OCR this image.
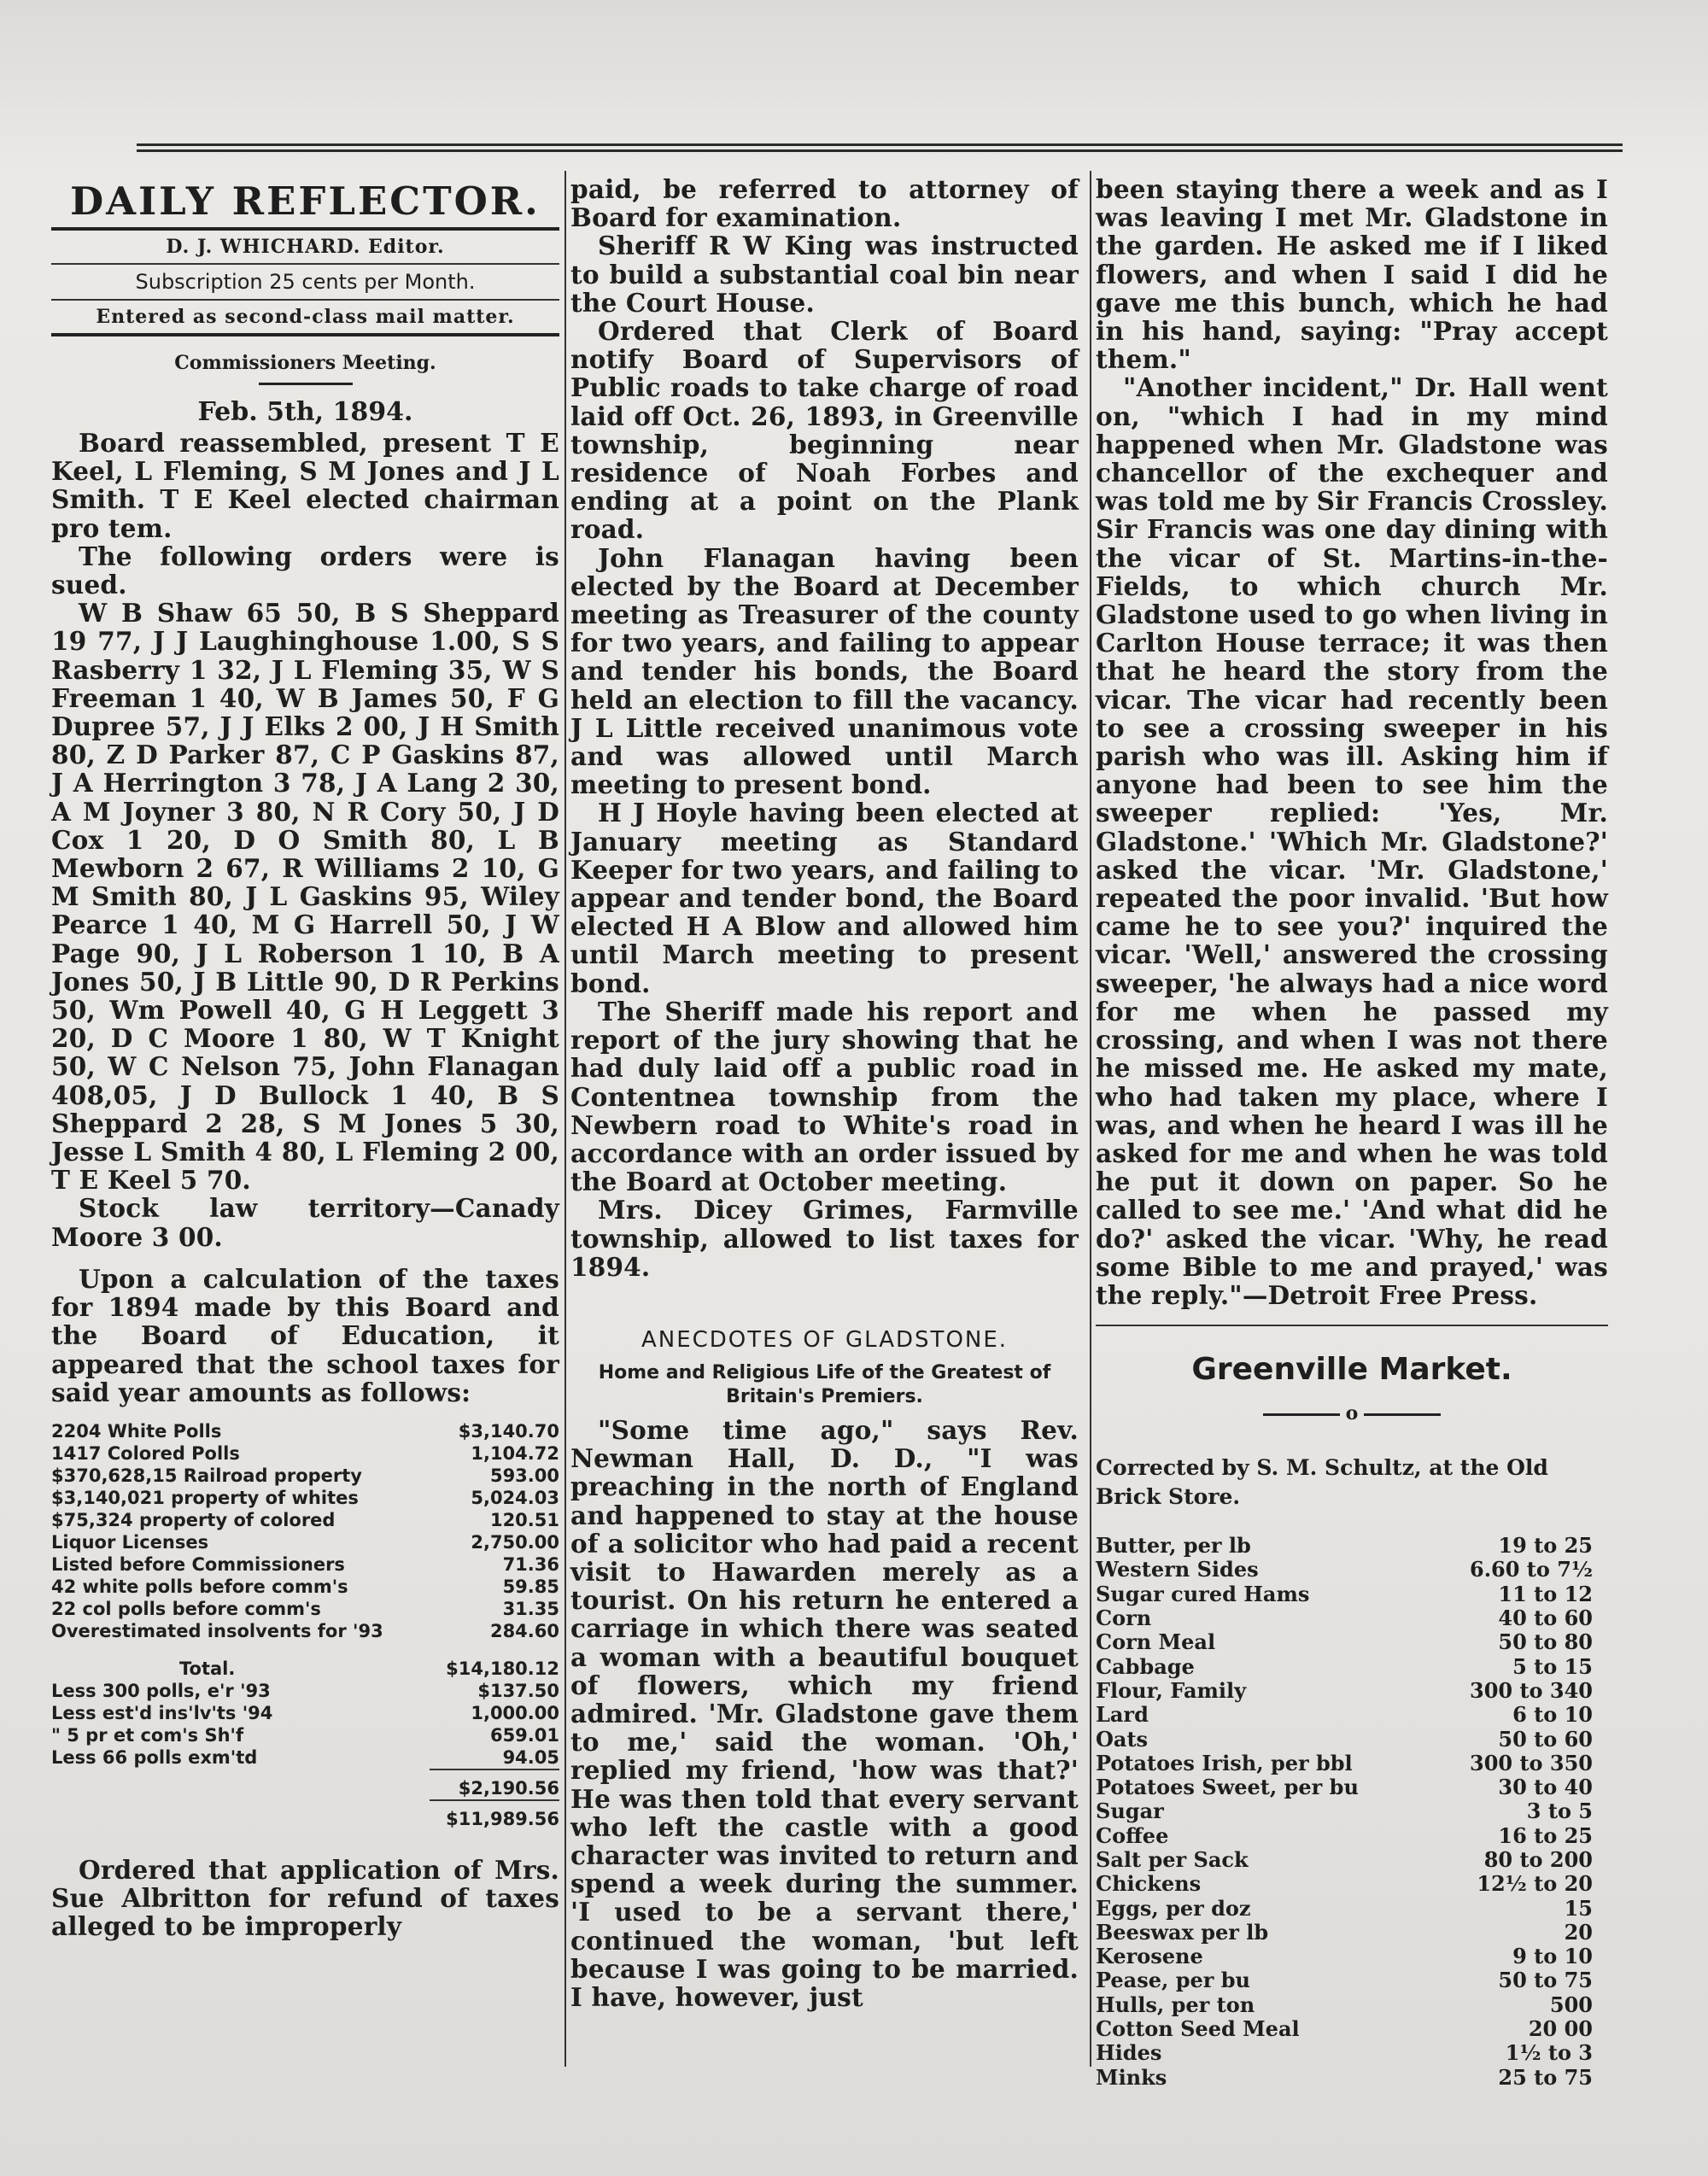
DAILY REFLECTOR.
D. J. WHICHARD. Editor.
Subscription 25 cents per Month.
Entered as second-class mail matter.
Commissioners Meeting.
Feb. 5th, 1894.

Board reassembled, present T E Keel, L Fleming, S M Jones and J L Smith. T E Keel elected chairman pro tem.

The following orders were is sued.

W B Shaw 65 50, B S Sheppard 19 77, J J Laughinghouse 1.00, S S Rasberry 1 32, J L Fleming 35, W S Freeman 1 40, W B James 50, F G Dupree 57, J J Elks 2 00, J H Smith 80, Z D Parker 87, C P Gaskins 87, J A Herrington 3 78, J A Lang 2 30, A M Joyner 3 80, N R Cory 50, J D Cox 1 20, D O Smith 80, L B Mewborn 2 67, R Williams 2 10, G M Smith 80, J L Gaskins 95, Wiley Pearce 1 40, M G Harrell 50, J W Page 90, J L Roberson 1 10, B A Jones 50, J B Little 90, D R Perkins 50, Wm Powell 40, G H Leggett 3 20, D C Moore 1 80, W T Knight 50, W C Nelson 75, John Flanagan 408,05, J D Bullock 1 40, B S Sheppard 2 28, S M Jones 5 30, Jesse L Smith 4 80, L Fleming 2 00, T E Keel 5 70.

Stock law territory—Canady Moore 3 00.

Upon a calculation of the taxes for 1894 made by this Board and the Board of Education, it appeared that the school taxes for said year amounts as follows:

2204 White Polls	$3,140.70
1417 Colored Polls	1,104.72
$370,628,15 Railroad property	593.00
$3,140,021 property of whites	5,024.03
$75,324 property of colored	120.51
Liquor Licenses	2,750.00
Listed before Commissioners	71.36
42 white polls before comm's	59.85
22 col polls before comm's	31.35
Overestimated insolvents for '93	284.60
Total.	$14,180.12
Less 300 polls, e'r '93	$137.50
Less est'd ins'lv'ts '94	1,000.00
" 5 pr et com's Sh'f	659.01
Less 66 polls exm'td	94.05
	$2,190.56
	$11,989.56

Ordered that application of Mrs. Sue Albritton for refund of taxes alleged to be improperly

paid, be referred to attorney of Board for examination.

Sheriff R W King was instructed to build a substantial coal bin near the Court House.

Ordered that Clerk of Board notify Board of Supervisors of Public roads to take charge of road laid off Oct. 26, 1893, in Greenville township, beginning near residence of Noah Forbes and ending at a point on the Plank road.

John Flanagan having been elected by the Board at December meeting as Treasurer of the county for two years, and failing to appear and tender his bonds, the Board held an election to fill the vacancy. J L Little received unanimous vote and was allowed until March meeting to present bond.

H J Hoyle having been elected at January meeting as Standard Keeper for two years, and failing to appear and tender bond, the Board elected H A Blow and allowed him until March meeting to present bond.

The Sheriff made his report and report of the jury showing that he had duly laid off a public road in Contentnea township from the Newbern road to White's road in accordance with an order issued by the Board at October meeting.

Mrs. Dicey Grimes, Farmville township, allowed to list taxes for 1894.

ANECDOTES OF GLADSTONE.
Home and Religious Life of the Greatest of Britain's Premiers.

"Some time ago," says Rev. Newman Hall, D. D., "I was preaching in the north of England and happened to stay at the house of a solicitor who had paid a recent visit to Hawarden merely as a tourist. On his return he entered a carriage in which there was seated a woman with a beautiful bouquet of flowers, which my friend admired. 'Mr. Gladstone gave them to me,' said the woman. 'Oh,' replied my friend, 'how was that?' He was then told that every servant who left the castle with a good character was invited to return and spend a week during the summer. 'I used to be a servant there,' continued the woman, 'but left because I was going to be married. I have, however, just

been staying there a week and as I was leaving I met Mr. Gladstone in the garden. He asked me if I liked flowers, and when I said I did he gave me this bunch, which he had in his hand, saying: "Pray accept them."

"Another incident," Dr. Hall went on, "which I had in my mind happened when Mr. Gladstone was chancellor of the exchequer and was told me by Sir Francis Crossley. Sir Francis was one day dining with the vicar of St. Martins-in-the-Fields, to which church Mr. Gladstone used to go when living in Carlton House terrace; it was then that he heard the story from the vicar. The vicar had recently been to see a crossing sweeper in his parish who was ill. Asking him if anyone had been to see him the sweeper replied: 'Yes, Mr. Gladstone.' 'Which Mr. Gladstone?' asked the vicar. 'Mr. Gladstone,' repeated the poor invalid. 'But how came he to see you?' inquired the vicar. 'Well,' answered the crossing sweeper, 'he always had a nice word for me when he passed my crossing, and when I was not there he missed me. He asked my mate, who had taken my place, where I was, and when he heard I was ill he asked for me and when he was told he put it down on paper. So he called to see me.' 'And what did he do?' asked the vicar. 'Why, he read some Bible to me and prayed,' was the reply."—Detroit Free Press.

Greenville Market.
o
Corrected by S. M. Schultz, at the Old Brick Store.
Butter, per lb	19 to 25
Western Sides	6.60 to 7½
Sugar cured Hams	11 to 12
Corn	40 to 60
Corn Meal	50 to 80
Cabbage	5 to 15
Flour, Family	300 to 340
Lard	6 to 10
Oats	50 to 60
Potatoes Irish, per bbl	300 to 350
Potatoes Sweet, per bu	30 to 40
Sugar	3 to 5
Coffee	16 to 25
Salt per Sack	80 to 200
Chickens	12½ to 20
Eggs, per doz	15
Beeswax per lb	20
Kerosene	9 to 10
Pease, per bu	50 to 75
Hulls, per ton	500
Cotton Seed Meal	20 00
Hides	1½ to 3
Minks	25 to 75
